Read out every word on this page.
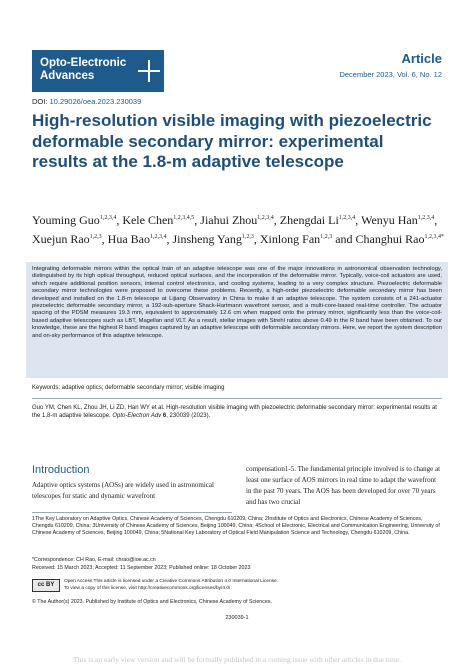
Opto-Electronic
Advances
Article
December 2023, Vol. 6, No. 12
DOI: 10.29026/oea.2023.230039
High-resolution visible imaging with piezoelectric deformable secondary mirror: experimental results at the 1.8-m adaptive telescope
Youming Guo$^{1,2,3,4}$, Kele Chen$^{1,2,3,4,5}$, Jiahui Zhou$^{1,2,3,4}$, Zhengdai Li$^{1,2,3,4}$, Wenyu Han$^{1,2,3,4}$, Xuejun Rao$^{1,2,3}$, Hua Bao$^{1,2,3,4}$, Jinsheng Yang$^{1,2,3}$, Xinlong Fan$^{1,2,3}$ and Changhui Rao$^{1,2,3,4*}$
Integrating deformable mirrors within the optical train of an adaptive telescope was one of the major innovations in astronomical observation technology, distinguished by its high optical throughput, reduced optical surfaces, and the incorporation of the deformable mirror. Typically, voice-coil actuators are used, which require additional position sensors, internal control electronics, and cooling systems, leading to a very complex structure. Piezoelectric deformable secondary mirror technologies were proposed to overcome these problems. Recently, a high-order piezoelectric deformable secondary mirror has been developed and installed on the 1.8-m telescope at Lijiang Observatory in China to make it an adaptive telescope. The system consists of a 241-actuator piezoelectric deformable secondary mirror, a 192-sub-aperture Shack-Hartmann wavefront sensor, and a multi-core-based real-time controller. The actuator spacing of the PDSM measures 19.3 mm, equivalent to approximately 12.6 cm when mapped onto the primary mirror, significantly less than the voice-coil-based adaptive telescopes such as LBT, Magellan and VLT. As a result, stellar images with Strehl ratios above 0.49 in the R band have been obtained. To our knowledge, these are the highest R band images captured by an adaptive telescope with deformable secondary mirrors. Here, we report the system description and on-sky performance of this adaptive telescope.
Keywords: adaptive optics; deformable secondary mirror; visible imaging
Guo YM, Chen KL, Zhou JH, Li ZD, Han WY et al. High-resolution visible imaging with piezoelectric deformable secondary mirror: experimental results at the 1.8-m adaptive telescope. Opto-Electron Adv 6, 230039 (2023).
Introduction
Adaptive optics systems (AOSs) are widely used in astronomical telescopes for static and dynamic wavefront
compensation1-5. The fundamental principle involved is to change at least one surface of AOS mirrors in real time to adapt the wavefront in the past 70 years. The AOS has been developed for over 70 years and has two crucial
1The Key Laboratory on Adaptive Optics, Chinese Academy of Sciences, Chengdu 610209, China; 2Institute of Optics and Electronics, Chinese Academy of Sciences, Chengdu 610209, China; 3University of Chinese Academy of Sciences, Beijing 100049, China; 4School of Electronic, Electrical and Communication Engineering, University of Chinese Academy of Sciences, Beijing 100049, China; 5National Key Laboratory of Optical Field Manipulation Science and Technology, Chengdu 610209, China.
*Correspondence: CH Rao, E-mail: chrao@ioe.ac.cn
Received: 15 March 2023; Accepted: 11 September 2023; Published online: 18 October 2023
cc BY
Open Access This article is licensed under a Creative Commons Attribution 4.0 International License.
To view a copy of this license, visit http://creativecommons.org/licenses/by/4.0/.
© The Author(s) 2023. Published by Institute of Optics and Electronics, Chinese Academy of Sciences.
230039-1
This is an early view version and will be formally published in a coming issue with other articles in due time.
